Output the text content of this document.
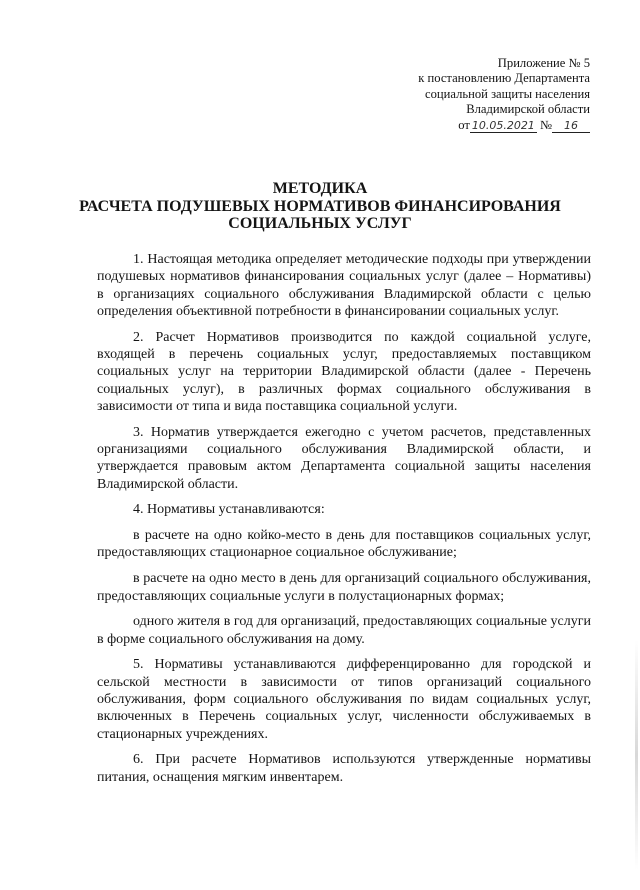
Приложение № 5
к постановлению Департамента
социальной защиты населения
Владимирской области
от 10.05.2021 № 16
МЕТОДИКА
РАСЧЕТА ПОДУШЕВЫХ НОРМАТИВОВ ФИНАНСИРОВАНИЯ
СОЦИАЛЬНЫХ УСЛУГ

1. Настоящая методика определяет методические подходы при утверждении подушевых нормативов финансирования социальных услуг (далее – Нормативы) в организациях социального обслуживания Владимирской области с целью определения объективной потребности в финансировании социальных услуг.

2. Расчет Нормативов производится по каждой социальной услуге, входящей в перечень социальных услуг, предоставляемых поставщиком социальных услуг на территории Владимирской области (далее - Перечень социальных услуг), в различных формах социального обслуживания в зависимости от типа и вида поставщика социальной услуги.

3. Норматив утверждается ежегодно с учетом расчетов, представленных организациями социального обслуживания Владимирской области, и утверждается правовым актом Департамента социальной защиты населения Владимирской области.

4. Нормативы устанавливаются:

в расчете на одно койко-место в день для поставщиков социальных услуг, предоставляющих стационарное социальное обслуживание;

в расчете на одно место в день для организаций социального обслуживания, предоставляющих социальные услуги в полустационарных формах;

одного жителя в год для организаций, предоставляющих социальные услуги в форме социального обслуживания на дому.

5. Нормативы устанавливаются дифференцированно для городской и сельской местности в зависимости от типов организаций социального обслуживания, форм социального обслуживания по видам социальных услуг, включенных в Перечень социальных услуг, численности обслуживаемых в стационарных учреждениях.

6. При расчете Нормативов используются утвержденные нормативы питания, оснащения мягким инвентарем.
